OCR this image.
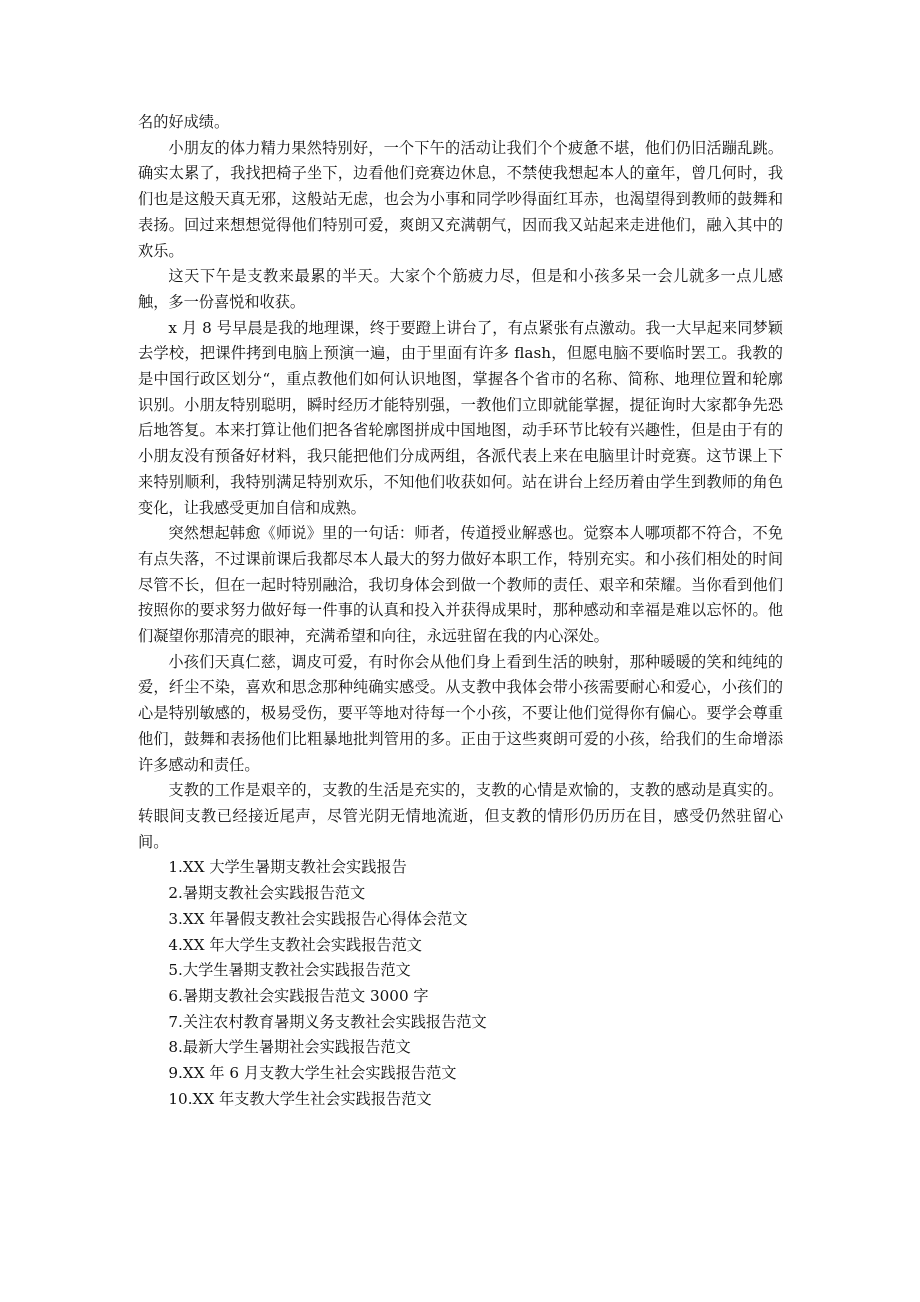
名的好成绩。

小朋友的体力精力果然特别好，一个下午的活动让我们个个疲惫不堪，他们仍旧活蹦乱跳。确实太累了，我找把椅子坐下，边看他们竞赛边休息，不禁使我想起本人的童年，曾几何时，我们也是这般天真无邪，这般站无虑，也会为小事和同学吵得面红耳赤，也渴望得到教师的鼓舞和表扬。回过来想想觉得他们特别可爱，爽朗又充满朝气，因而我又站起来走进他们，融入其中的欢乐。

这天下午是支教来最累的半天。大家个个筋疲力尽，但是和小孩多呆一会儿就多一点儿感触，多一份喜悦和收获。

x 月 8 号早晨是我的地理课，终于要蹬上讲台了，有点紧张有点激动。我一大早起来同梦颖去学校，把课件拷到电脑上预演一遍，由于里面有许多 flash，但愿电脑不要临时罢工。我教的是中国行政区划分“，重点教他们如何认识地图，掌握各个省市的名称、简称、地理位置和轮廓识别。小朋友特别聪明，瞬时经历才能特别强，一教他们立即就能掌握，提征询时大家都争先恐后地答复。本来打算让他们把各省轮廓图拼成中国地图，动手环节比较有兴趣性，但是由于有的小朋友没有预备好材料，我只能把他们分成两组，各派代表上来在电脑里计时竞赛。这节课上下来特别顺利，我特别满足特别欢乐，不知他们收获如何。站在讲台上经历着由学生到教师的角色变化，让我感受更加自信和成熟。

突然想起韩愈《师说》里的一句话：师者，传道授业解惑也。觉察本人哪项都不符合，不免有点失落，不过课前课后我都尽本人最大的努力做好本职工作，特别充实。和小孩们相处的时间尽管不长，但在一起时特别融洽，我切身体会到做一个教师的责任、艰辛和荣耀。当你看到他们按照你的要求努力做好每一件事的认真和投入并获得成果时，那种感动和幸福是难以忘怀的。他们凝望你那清亮的眼神，充满希望和向往，永远驻留在我的内心深处。

小孩们天真仁慈，调皮可爱，有时你会从他们身上看到生活的映射，那种暖暖的笑和纯纯的爱，纤尘不染，喜欢和思念那种纯确实感受。从支教中我体会带小孩需要耐心和爱心，小孩们的心是特别敏感的，极易受伤，要平等地对待每一个小孩，不要让他们觉得你有偏心。要学会尊重他们，鼓舞和表扬他们比粗暴地批判管用的多。正由于这些爽朗可爱的小孩，给我们的生命增添许多感动和责任。

支教的工作是艰辛的，支教的生活是充实的，支教的心情是欢愉的，支教的感动是真实的。转眼间支教已经接近尾声，尽管光阴无情地流逝，但支教的情形仍历历在目，感受仍然驻留心间。

1.XX 大学生暑期支教社会实践报告
2.暑期支教社会实践报告范文
3.XX 年暑假支教社会实践报告心得体会范文
4.XX 年大学生支教社会实践报告范文
5.大学生暑期支教社会实践报告范文
6.暑期支教社会实践报告范文 3000 字
7.关注农村教育暑期义务支教社会实践报告范文
8.最新大学生暑期社会实践报告范文
9.XX 年 6 月支教大学生社会实践报告范文
10.XX 年支教大学生社会实践报告范文
